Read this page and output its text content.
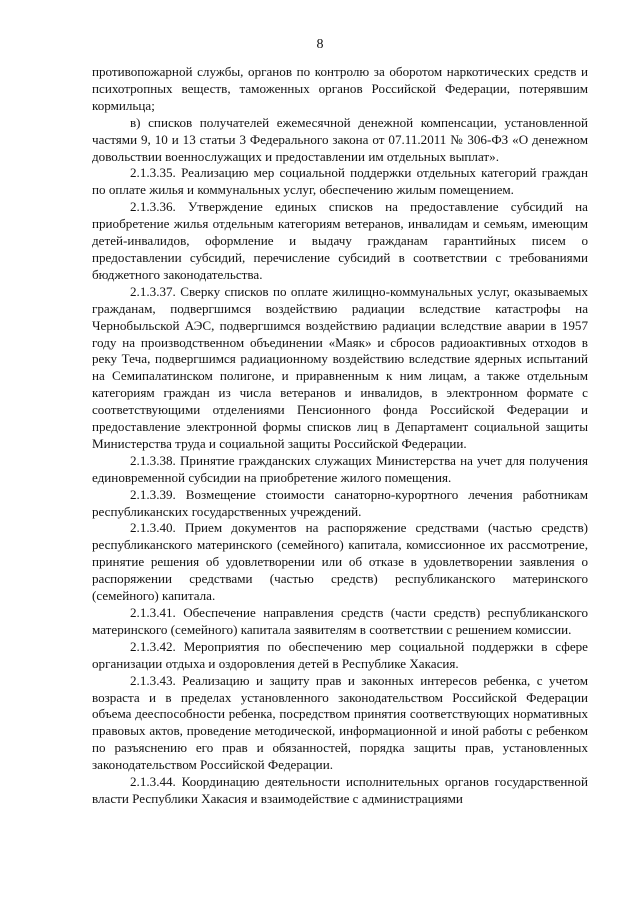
8

противопожарной службы, органов по контролю за оборотом наркотических средств и психотропных веществ, таможенных органов Российской Федерации, потерявшим кормильца;

в) списков получателей ежемесячной денежной компенсации, установленной частями 9, 10 и 13 статьи 3 Федерального закона от 07.11.2011 № 306-ФЗ «О денежном довольствии военнослужащих и предоставлении им отдельных выплат».

2.1.3.35. Реализацию мер социальной поддержки отдельных категорий граждан по оплате жилья и коммунальных услуг, обеспечению жилым помещением.

2.1.3.36. Утверждение единых списков на предоставление субсидий на приобретение жилья отдельным категориям ветеранов, инвалидам и семьям, имеющим детей-инвалидов, оформление и выдачу гражданам гарантийных писем о предоставлении субсидий, перечисление субсидий в соответствии с требованиями бюджетного законодательства.

2.1.3.37. Сверку списков по оплате жилищно-коммунальных услуг, оказываемых гражданам, подвергшимся воздействию радиации вследствие катастрофы на Чернобыльской АЭС, подвергшимся воздействию радиации вследствие аварии в 1957 году на производственном объединении «Маяк» и сбросов радиоактивных отходов в реку Теча, подвергшимся радиационному воздействию вследствие ядерных испытаний на Семипалатинском полигоне, и приравненным к ним лицам, а также отдельным категориям граждан из числа ветеранов и инвалидов, в электронном формате с соответствующими отделениями Пенсионного фонда Российской Федерации и предоставление электронной формы списков лиц в Департамент социальной защиты Министерства труда и социальной защиты Российской Федерации.

2.1.3.38. Принятие гражданских служащих Министерства на учет для получения единовременной субсидии на приобретение жилого помещения.

2.1.3.39. Возмещение стоимости санаторно-курортного лечения работникам республиканских государственных учреждений.

2.1.3.40. Прием документов на распоряжение средствами (частью средств) республиканского материнского (семейного) капитала, комиссионное их рассмотрение, принятие решения об удовлетворении или об отказе в удовлетворении заявления о распоряжении средствами (частью средств) республиканского материнского (семейного) капитала.

2.1.3.41. Обеспечение направления средств (части средств) республиканского материнского (семейного) капитала заявителям в соответствии с решением комиссии.

2.1.3.42. Мероприятия по обеспечению мер социальной поддержки в сфере организации отдыха и оздоровления детей в Республике Хакасия.

2.1.3.43. Реализацию и защиту прав и законных интересов ребенка, с учетом возраста и в пределах установленного законодательством Российской Федерации объема дееспособности ребенка, посредством принятия соответствующих нормативных правовых актов, проведение методической, информационной и иной работы с ребенком по разъяснению его прав и обязанностей, порядка защиты прав, установленных законодательством Российской Федерации.

2.1.3.44. Координацию деятельности исполнительных органов государственной власти Республики Хакасия и взаимодействие с администрациями
